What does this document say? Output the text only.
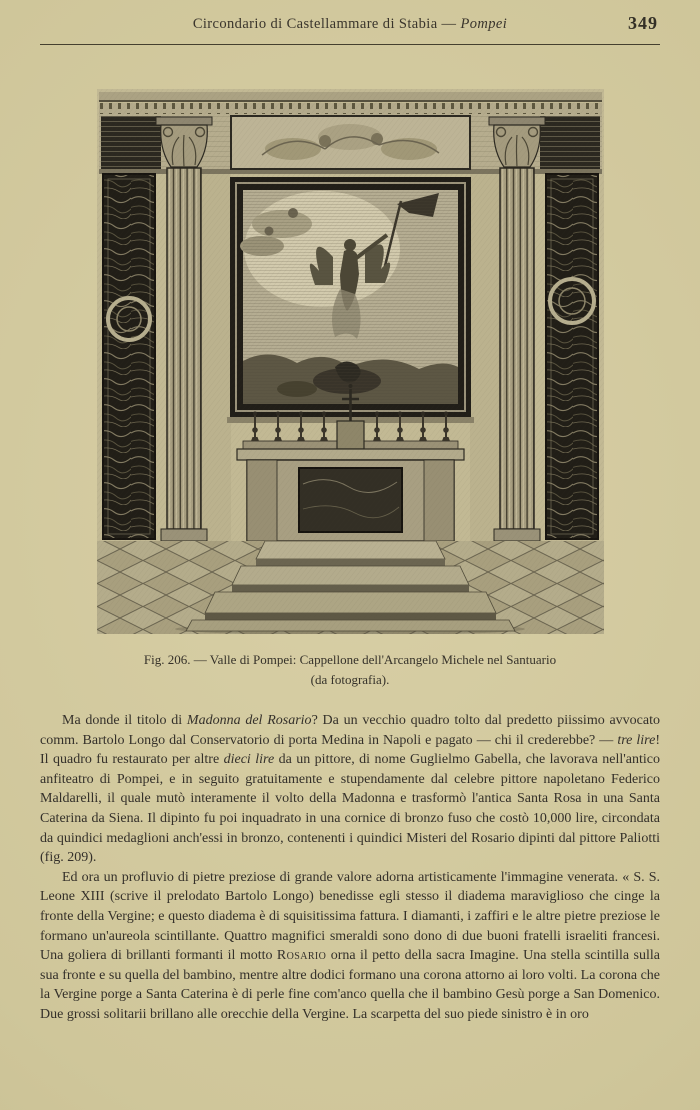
Circondario di Castellammare di Stabia — Pompei	349
Fig. 206. — Valle di Pompei: Cappellone dell'Arcangelo Michele nel Santuario
(da fotografia).

Ma donde il titolo di Madonna del Rosario? Da un vecchio quadro tolto dal predetto piissimo avvocato comm. Bartolo Longo dal Conservatorio di porta Medina in Napoli e pagato — chi il crederebbe? — tre lire! Il quadro fu restaurato per altre dieci lire da un pittore, di nome Guglielmo Gabella, che lavorava nell'antico anfiteatro di Pompei, e in seguito gratuitamente e stupendamente dal celebre pittore napoletano Federico Maldarelli, il quale mutò interamente il volto della Madonna e trasformò l'antica Santa Rosa in una Santa Caterina da Siena. Il dipinto fu poi inquadrato in una cornice di bronzo fuso che costò 10,000 lire, circondata da quindici medaglioni anch'essi in bronzo, contenenti i quindici Misteri del Rosario dipinti dal pittore Paliotti (fig. 209).

Ed ora un profluvio di pietre preziose di grande valore adorna artisticamente l'immagine venerata. « S. S. Leone XIII (scrive il prelodato Bartolo Longo) benedisse egli stesso il diadema maraviglioso che cinge la fronte della Vergine; e questo diadema è di squisitissima fattura. I diamanti, i zaffiri e le altre pietre preziose le formano un'aureola scintillante. Quattro magnifici smeraldi sono dono di due buoni fratelli israeliti francesi. Una goliera di brillanti formanti il motto Rosario orna il petto della sacra Imagine. Una stella scintilla sulla sua fronte e su quella del bambino, mentre altre dodici formano una corona attorno ai loro volti. La corona che la Vergine porge a Santa Caterina è di perle fine com'anco quella che il bambino Gesù porge a San Domenico. Due grossi solitarii brillano alle orecchie della Vergine. La scarpetta del suo piede sinistro è in oro
